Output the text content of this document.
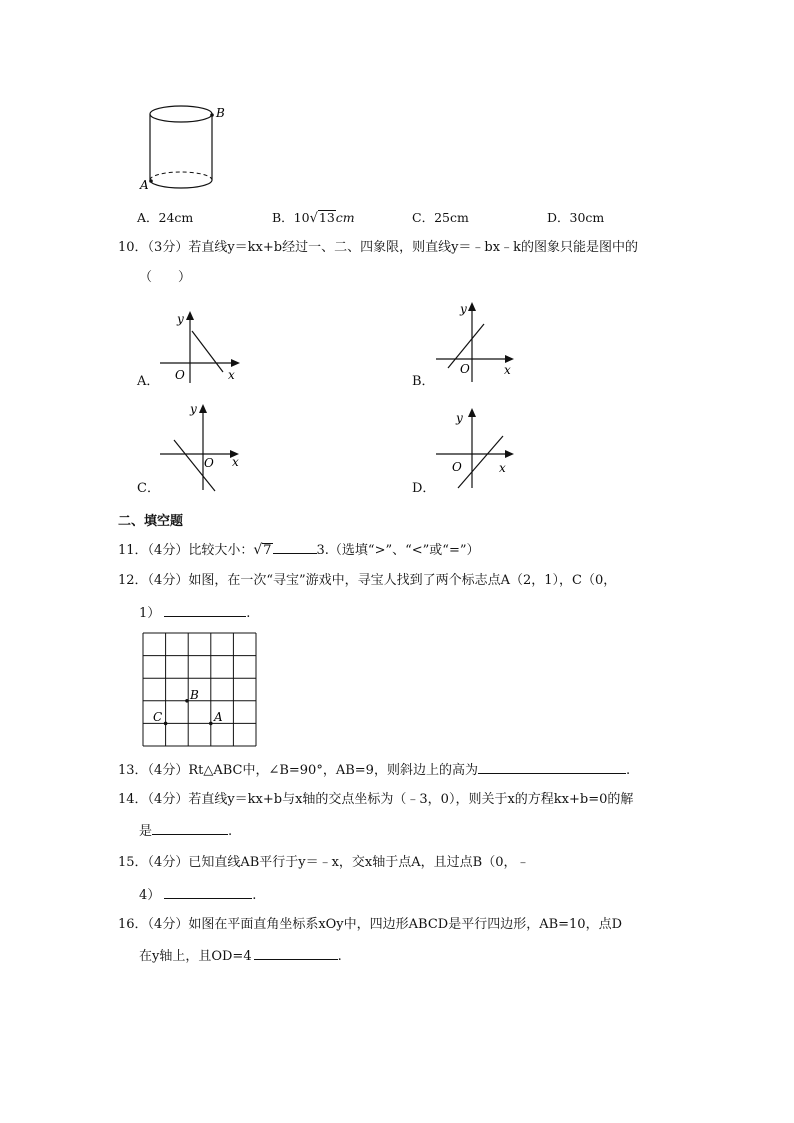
B
A
A．24cm	B．10√13cm	C．25cm	D．30cm
10．（3分）若直线y＝kx+b经过一、二、四象限，则直线y＝﹣bx﹣k的图象只能是图中的
（　　）
A．
y
O	x	B．
y
O	x
C．
y
O x
D．
y
O	x
二、填空题
11．（4分）比较大小：√7	3.（选填“>”、“<”或“=”）
12．（4分）如图，在一次“寻宝”游戏中，寻宝人找到了两个标志点A（2，1），C（0，
1）	.
B
C	A
13．（4分）Rt△ABC中，∠B=90°，AB=9，则斜边上的高为	.
14．（4分）若直线y＝kx+b与x轴的交点坐标为（﹣3，0），则关于x的方程kx+b=0的解
是	.
15．（4分）已知直线AB平行于y＝﹣x，交x轴于点A，且过点B（0，﹣
4）	.
16．（4分）如图在平面直角坐标系xOy中，四边形ABCD是平行四边形，AB=10，点D
在y轴上，且OD=4	.
